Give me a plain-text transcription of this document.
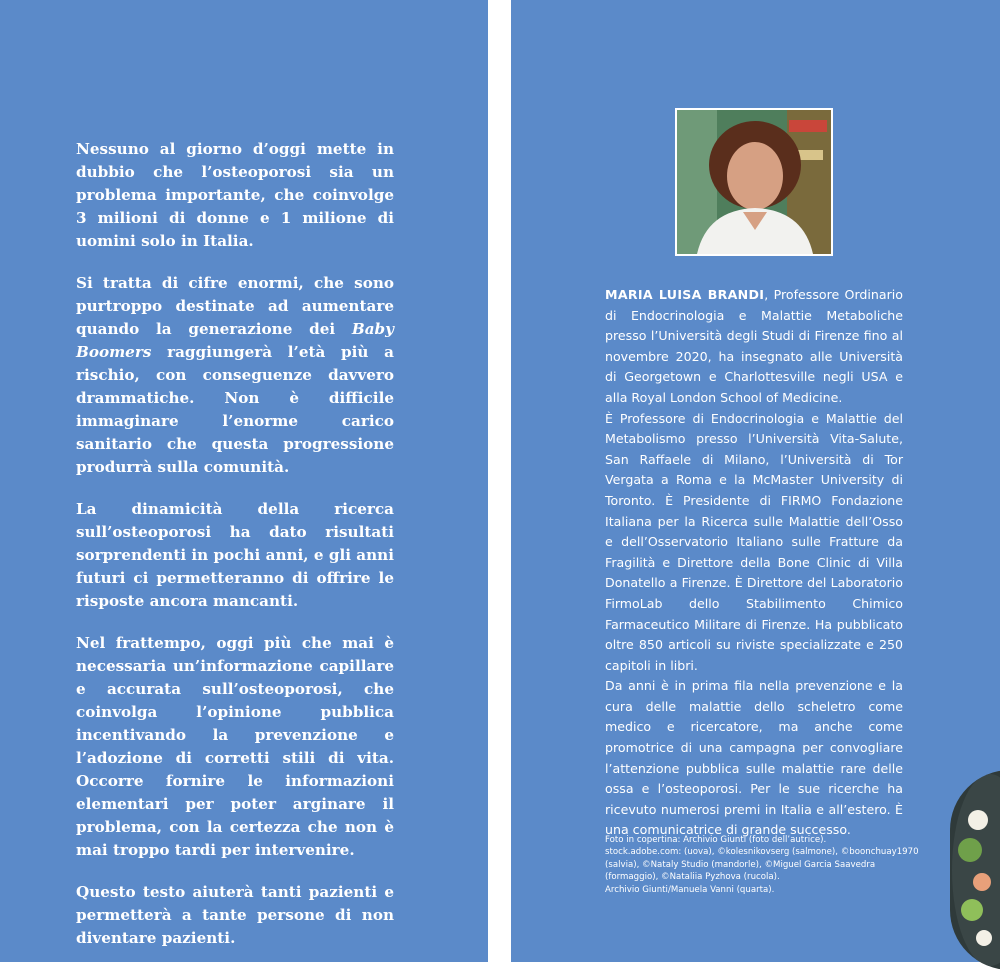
Nessuno al giorno d’oggi mette in dubbio che l’osteoporosi sia un problema importante, che coinvolge 3 milioni di donne e 1 milione di uomini solo in Italia.

Si tratta di cifre enormi, che sono purtroppo destinate ad aumentare quando la generazione dei Baby Boomers raggiungerà l’età più a rischio, con conseguenze davvero drammatiche. Non è difficile immaginare l’enorme carico sanitario che questa progressione produrrà sulla comunità.

La dinamicità della ricerca sull’osteoporosi ha dato risultati sorprendenti in pochi anni, e gli anni futuri ci permetteranno di offrire le risposte ancora mancanti.

Nel frattempo, oggi più che mai è necessaria un’informazione capillare e accurata sull’osteoporosi, che coinvolga l’opinione pubblica incentivando la prevenzione e l’adozione di corretti stili di vita. Occorre fornire le informazioni elementari per poter arginare il problema, con la certezza che non è mai troppo tardi per intervenire.

Questo testo aiuterà tanti pazienti e permetterà a tante persone di non diventare pazienti.

MARIA LUISA BRANDI, Professore Ordinario di Endocrinologia e Malattie Metaboliche presso l’Università degli Studi di Firenze fino al novembre 2020, ha insegnato alle Università di Georgetown e Charlottesville negli USA e alla Royal London School of Medicine.

È Professore di Endocrinologia e Malattie del Metabolismo presso l’Università Vita-Salute, San Raffaele di Milano, l’Università di Tor Vergata a Roma e la McMaster University di Toronto. È Presidente di FIRMO Fondazione Italiana per la Ricerca sulle Malattie dell’Osso e dell’Osservatorio Italiano sulle Fratture da Fragilità e Direttore della Bone Clinic di Villa Donatello a Firenze. È Direttore del Laboratorio FirmoLab dello Stabilimento Chimico Farmaceutico Militare di Firenze. Ha pubblicato oltre 850 articoli su riviste specializzate e 250 capitoli in libri.

Da anni è in prima fila nella prevenzione e la cura delle malattie dello scheletro come medico e ricercatore, ma anche come promotrice di una campagna per convogliare l’attenzione pubblica sulle malattie rare delle ossa e l’osteoporosi. Per le sue ricerche ha ricevuto numerosi premi in Italia e all’estero. È una comunicatrice di grande successo.

Foto in copertina: Archivio Giunti (foto dell’autrice).

stock.adobe.com: (uova), ©kolesnikovserg (salmone), ©boonchuay1970 (salvia), ©Nataly Studio (mandorle), ©Miguel Garcia Saavedra (formaggio), ©Nataliia Pyzhova (rucola).

Archivio Giunti/Manuela Vanni (quarta).
